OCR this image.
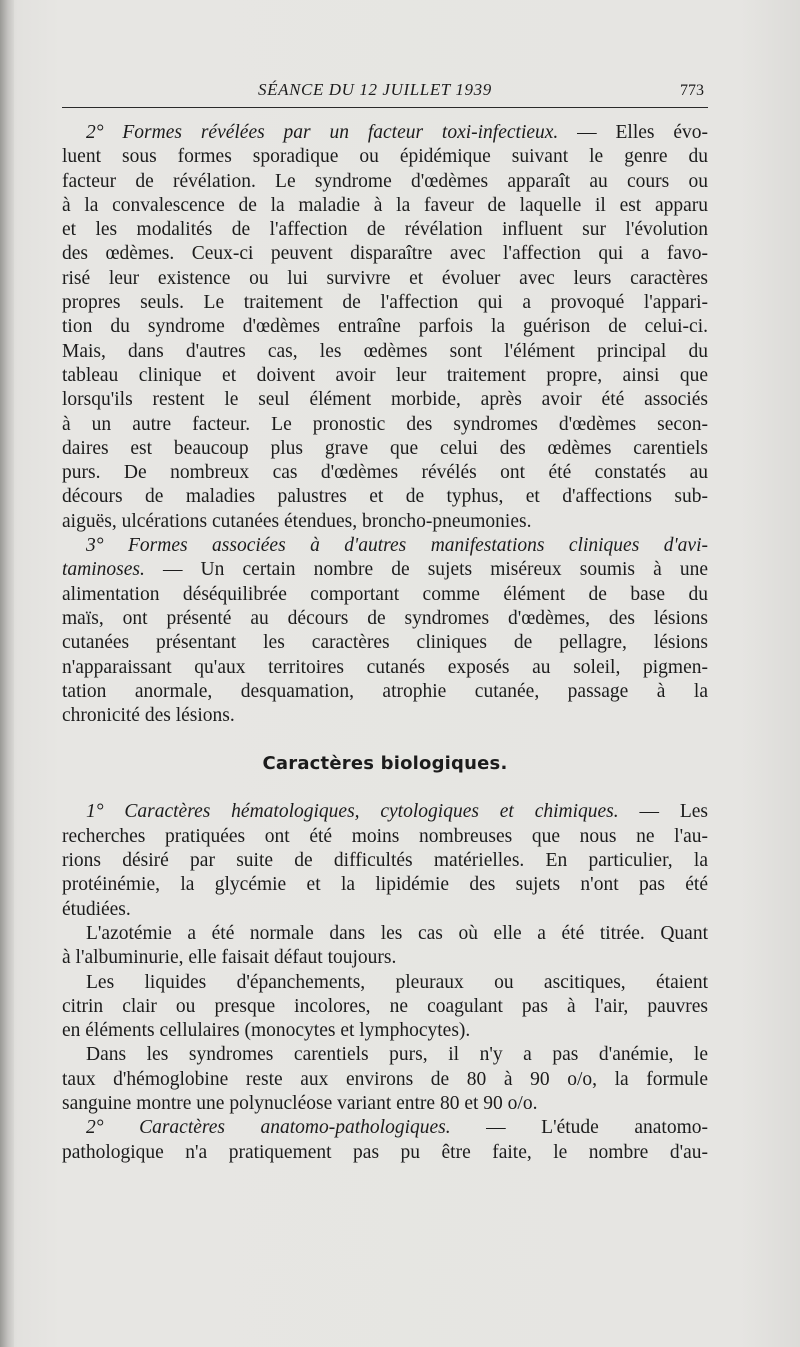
SÉANCE DU 12 JUILLET 1939	773
2° Formes révélées par un facteur toxi-infectieux. — Elles évo-
luent sous formes sporadique ou épidémique suivant le genre du
facteur de révélation. Le syndrome d'œdèmes apparaît au cours ou
à la convalescence de la maladie à la faveur de laquelle il est apparu
et les modalités de l'affection de révélation influent sur l'évolution
des œdèmes. Ceux-ci peuvent disparaître avec l'affection qui a favo-
risé leur existence ou lui survivre et évoluer avec leurs caractères
propres seuls. Le traitement de l'affection qui a provoqué l'appari-
tion du syndrome d'œdèmes entraîne parfois la guérison de celui-ci.
Mais, dans d'autres cas, les œdèmes sont l'élément principal du
tableau clinique et doivent avoir leur traitement propre, ainsi que
lorsqu'ils restent le seul élément morbide, après avoir été associés
à un autre facteur. Le pronostic des syndromes d'œdèmes secon-
daires est beaucoup plus grave que celui des œdèmes carentiels
purs. De nombreux cas d'œdèmes révélés ont été constatés au
décours de maladies palustres et de typhus, et d'affections sub-
aiguës, ulcérations cutanées étendues, broncho-pneumonies.
3° Formes associées à d'autres manifestations cliniques d'avi-
taminoses. — Un certain nombre de sujets miséreux soumis à une
alimentation déséquilibrée comportant comme élément de base du
maïs, ont présenté au décours de syndromes d'œdèmes, des lésions
cutanées présentant les caractères cliniques de pellagre, lésions
n'apparaissant qu'aux territoires cutanés exposés au soleil, pigmen-
tation anormale, desquamation, atrophie cutanée, passage à la
chronicité des lésions.
Caractères biologiques.
1° Caractères hématologiques, cytologiques et chimiques. — Les
recherches pratiquées ont été moins nombreuses que nous ne l'au-
rions désiré par suite de difficultés matérielles. En particulier, la
protéinémie, la glycémie et la lipidémie des sujets n'ont pas été
étudiées.
L'azotémie a été normale dans les cas où elle a été titrée. Quant
à l'albuminurie, elle faisait défaut toujours.
Les liquides d'épanchements, pleuraux ou ascitiques, étaient
citrin clair ou presque incolores, ne coagulant pas à l'air, pauvres
en éléments cellulaires (monocytes et lymphocytes).
Dans les syndromes carentiels purs, il n'y a pas d'anémie, le
taux d'hémoglobine reste aux environs de 80 à 90 o/o, la formule
sanguine montre une polynucléose variant entre 80 et 90 o/o.
2° Caractères anatomo-pathologiques. — L'étude anatomo-
pathologique n'a pratiquement pas pu être faite, le nombre d'au-
